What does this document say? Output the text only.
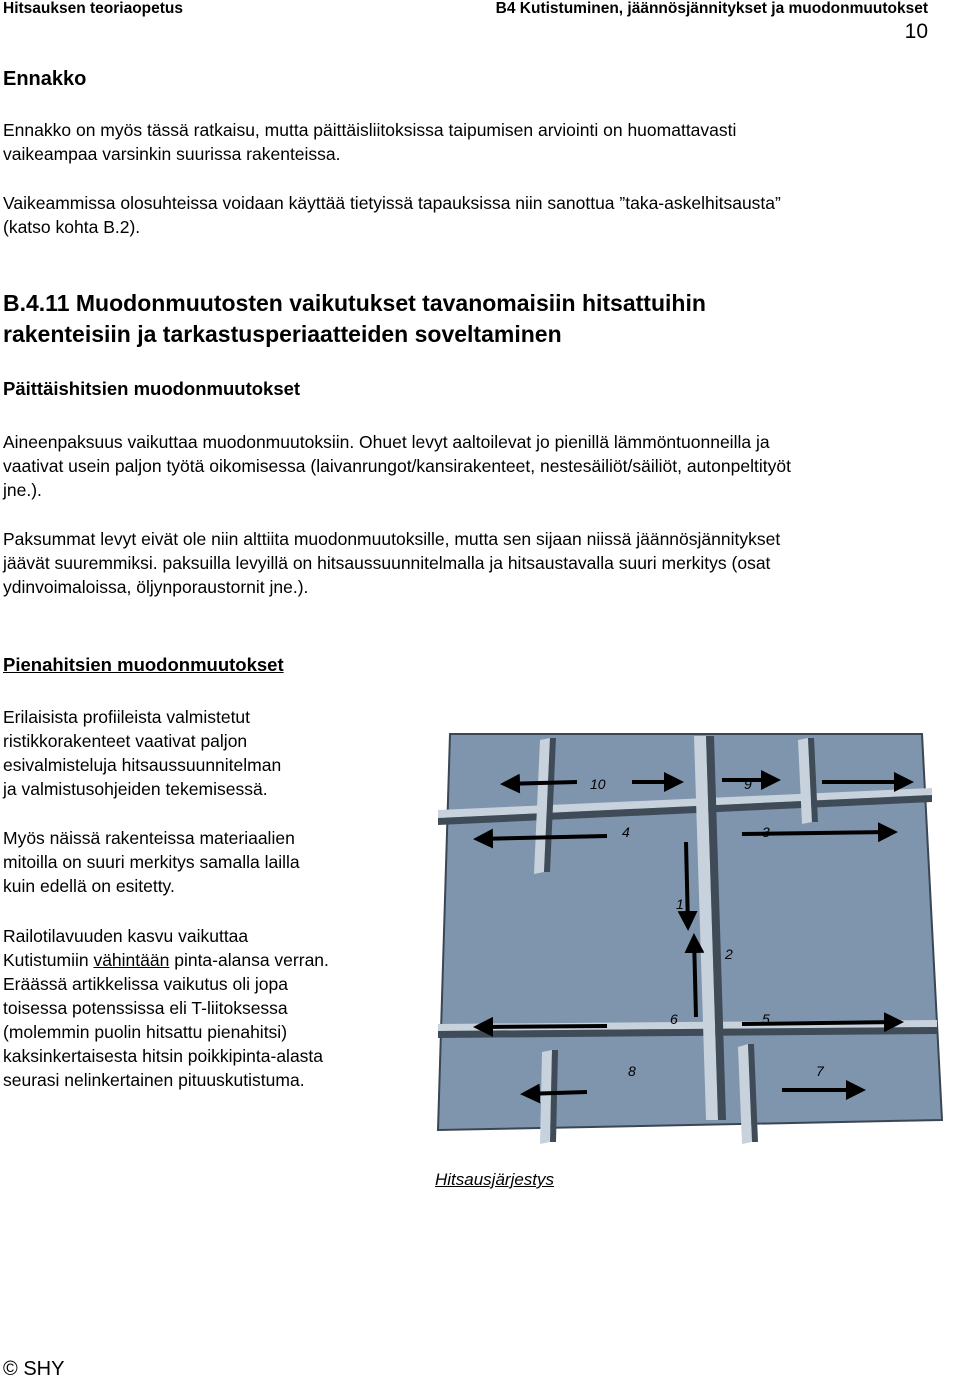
Hitsauksen teoriaopetus	B4 Kutistuminen, jäännösjännitykset ja muodonmuutokset
10
Ennakko
Ennakko on myös tässä ratkaisu, mutta päittäisliitoksissa taipumisen arviointi on huomattavasti
vaikeampaa varsinkin suurissa rakenteissa.
Vaikeammissa olosuhteissa voidaan käyttää tietyissä tapauksissa niin sanottua ”taka-askelhitsausta”
(katso kohta B.2).
B.4.11 Muodonmuutosten vaikutukset tavanomaisiin hitsattuihin
rakenteisiin ja tarkastusperiaatteiden soveltaminen
Päittäishitsien muodonmuutokset
Aineenpaksuus vaikuttaa muodonmuutoksiin. Ohuet levyt aaltoilevat jo pienillä lämmöntuonneilla ja
vaativat usein paljon työtä oikomisessa (laivanrungot/kansirakenteet, nestesäiliöt/säiliöt, autonpeltityöt
jne.).
Paksummat levyt eivät ole niin alttiita muodonmuutoksille, mutta sen sijaan niissä jäännösjännitykset
jäävät suuremmiksi. paksuilla levyillä on hitsaussuunnitelmalla ja hitsaustavalla suuri merkitys (osat
ydinvoimaloissa, öljynporaustornit jne.).
Pienahitsien muodonmuutokset
Erilaisista profiileista valmistetut
ristikkorakenteet vaativat paljon
esivalmisteluja hitsaussuunnitelman
ja valmistusohjeiden tekemisessä.
Myös näissä rakenteissa materiaalien
mitoilla on suuri merkitys samalla lailla
kuin edellä on esitetty.
Railotilavuuden kasvu vaikuttaa
Kutistumiin vähintään pinta-alansa verran.
Eräässä artikkelissa vaikutus oli jopa
toisessa potenssissa eli T-liitoksessa
(molemmin puolin hitsattu pienahitsi)
kaksinkertaisesta hitsin poikkipinta-alasta
seurasi nelinkertainen pituuskutistuma.
10	9
4	3
1
2
6	5
8	7
Hitsausjärjestys
© SHY
